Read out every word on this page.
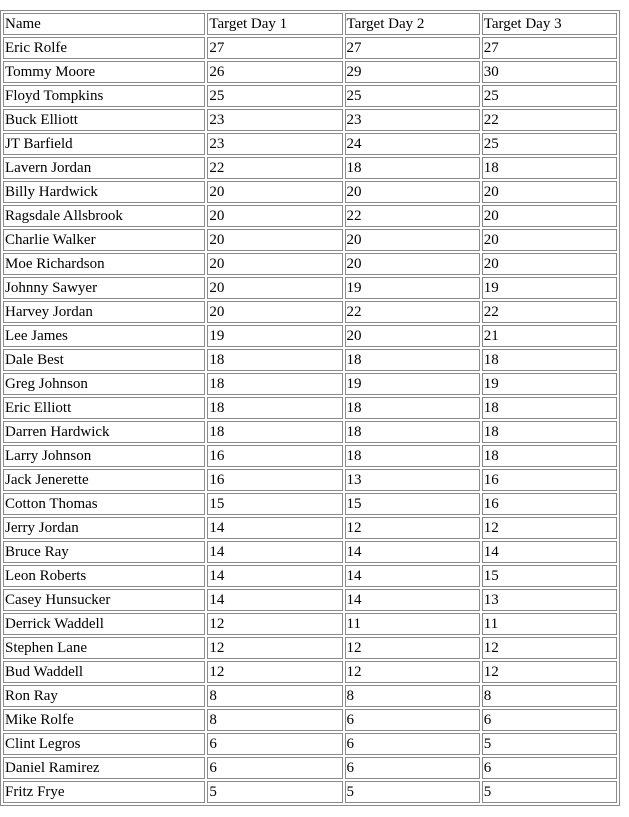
Name	Target Day 1	Target Day 2	Target Day 3
Eric Rolfe	27	27	27
Tommy Moore	26	29	30
Floyd Tompkins	25	25	25
Buck Elliott	23	23	22
JT Barfield	23	24	25
Lavern Jordan	22	18	18
Billy Hardwick	20	20	20
Ragsdale Allsbrook	20	22	20
Charlie Walker	20	20	20
Moe Richardson	20	20	20
Johnny Sawyer	20	19	19
Harvey Jordan	20	22	22
Lee James	19	20	21
Dale Best	18	18	18
Greg Johnson	18	19	19
Eric Elliott	18	18	18
Darren Hardwick	18	18	18
Larry Johnson	16	18	18
Jack Jenerette	16	13	16
Cotton Thomas	15	15	16
Jerry Jordan	14	12	12
Bruce Ray	14	14	14
Leon Roberts	14	14	15
Casey Hunsucker	14	14	13
Derrick Waddell	12	11	11
Stephen Lane	12	12	12
Bud Waddell	12	12	12
Ron Ray	8	8	8
Mike Rolfe	8	6	6
Clint Legros	6	6	5
Daniel Ramirez	6	6	6
Fritz Frye	5	5	5
